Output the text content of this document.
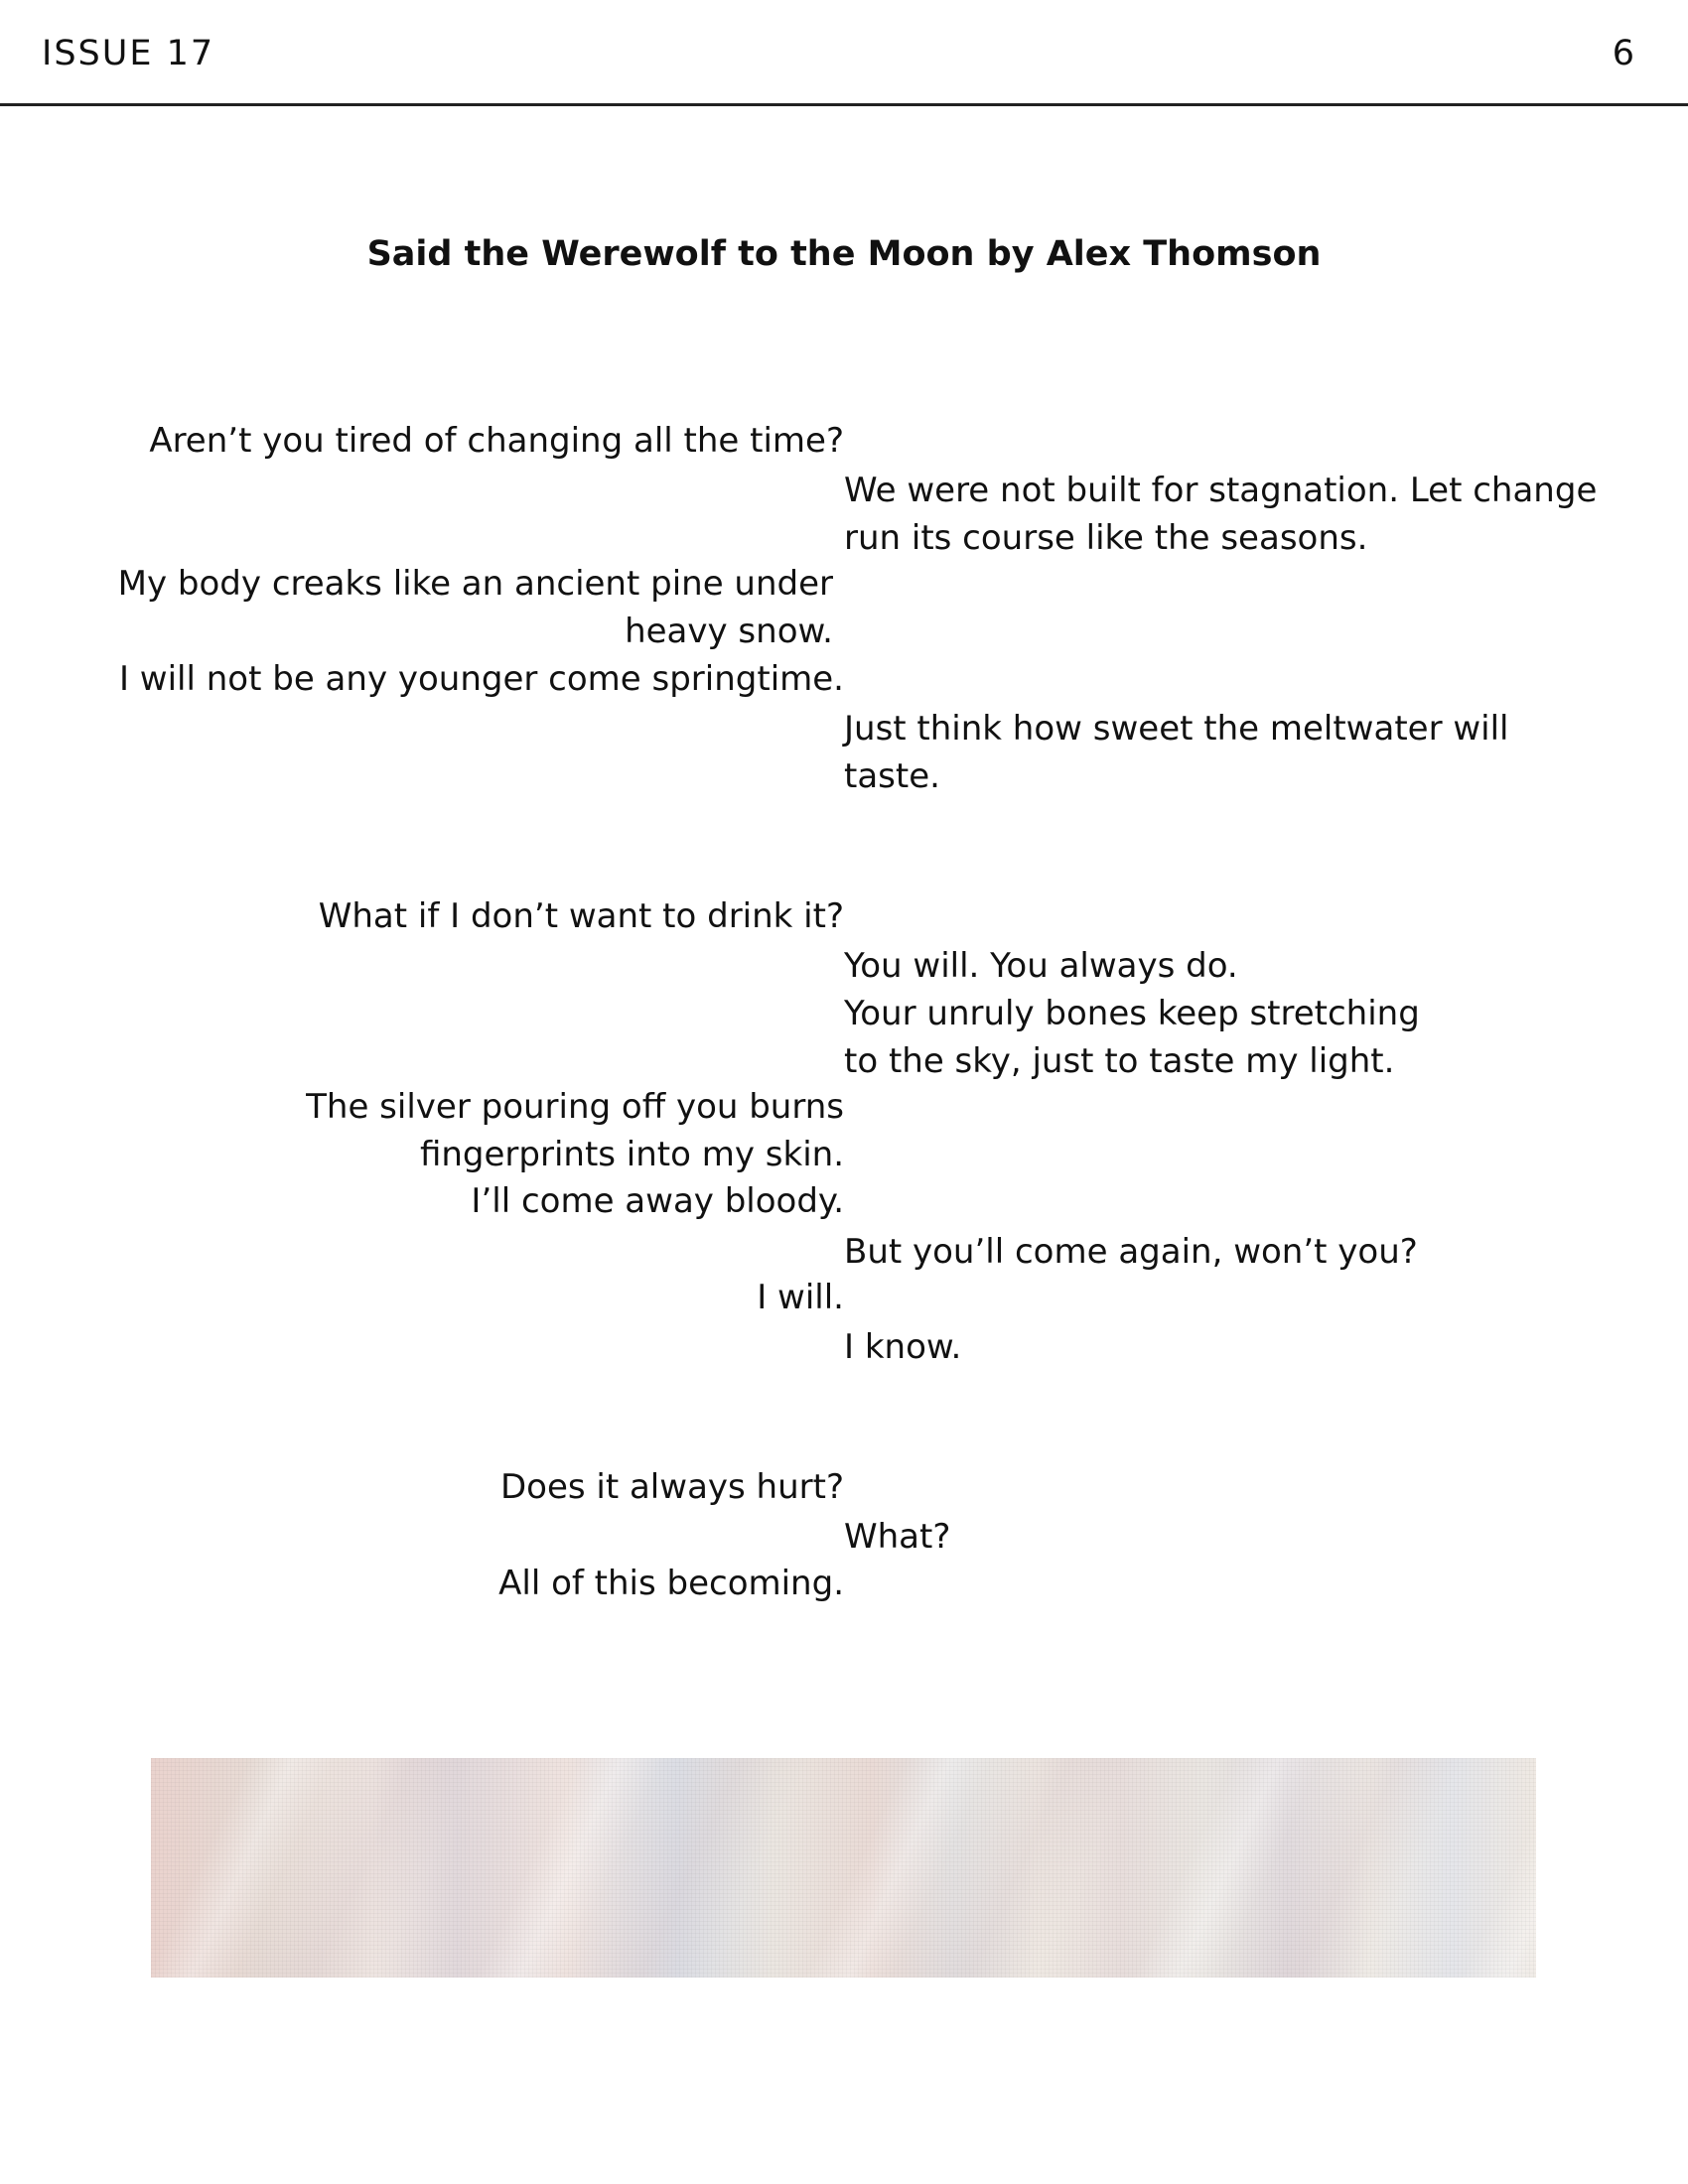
ISSUE 17	6
Said the Werewolf to the Moon by Alex Thomson
Aren’t you tired of changing all the time?
We were not built for stagnation. Let change
run its course like the seasons.
My body creaks like an ancient pine under
heavy snow.
I will not be any younger come springtime.
Just think how sweet the meltwater will
taste.
What if I don’t want to drink it?
You will. You always do.
Your unruly bones keep stretching
to the sky, just to taste my light.
The silver pouring off you burns
fingerprints into my skin.
I’ll come away bloody.
But you’ll come again, won’t you?
I will.
I know.
Does it always hurt?
What?
All of this becoming.
